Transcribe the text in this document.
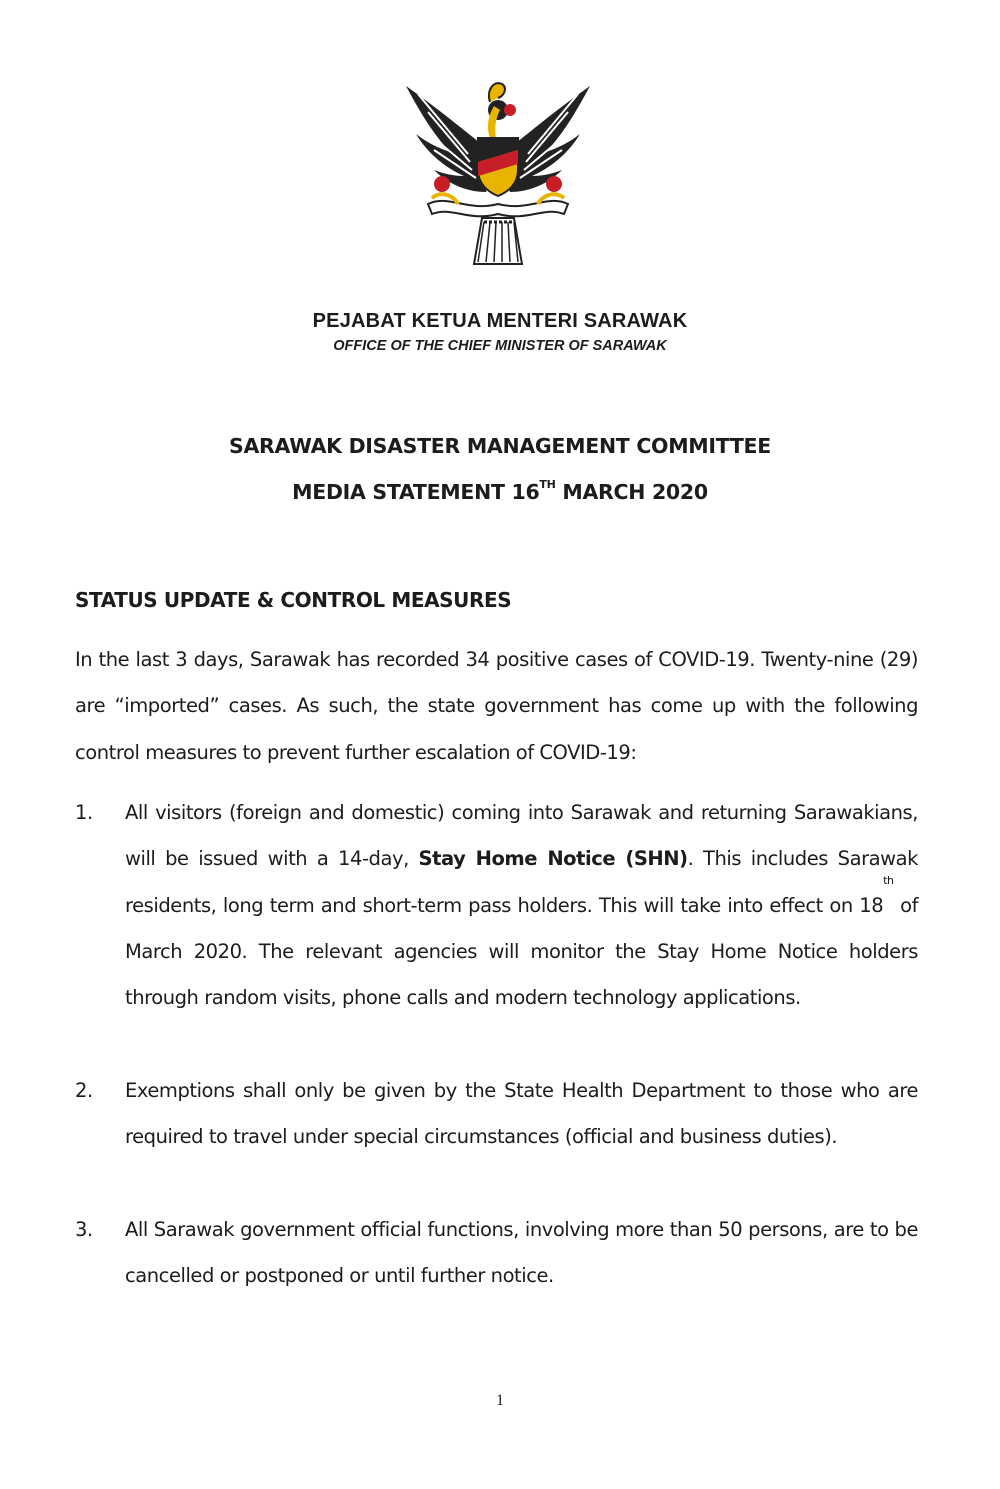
PEJABAT KETUA MENTERI SARAWAK
OFFICE OF THE CHIEF MINISTER OF SARAWAK
SARAWAK DISASTER MANAGEMENT COMMITTEE
MEDIA STATEMENT 16TH MARCH 2020
STATUS UPDATE & CONTROL MEASURES
In the last 3 days, Sarawak has recorded 34 positive cases of COVID-19. Twenty-nine (29) are “imported” cases. As such, the state government has come up with the following control measures to prevent further escalation of COVID-19:
1. All visitors (foreign and domestic) coming into Sarawak and returning Sarawakians, will be issued with a 14-day, Stay Home Notice (SHN). This includes Sarawak residents, long term and short-term pass holders. This will take into effect on 18th of March 2020. The relevant agencies will monitor the Stay Home Notice holders through random visits, phone calls and modern technology applications.
2. Exemptions shall only be given by the State Health Department to those who are required to travel under special circumstances (official and business duties).
3. All Sarawak government official functions, involving more than 50 persons, are to be cancelled or postponed or until further notice.
1
